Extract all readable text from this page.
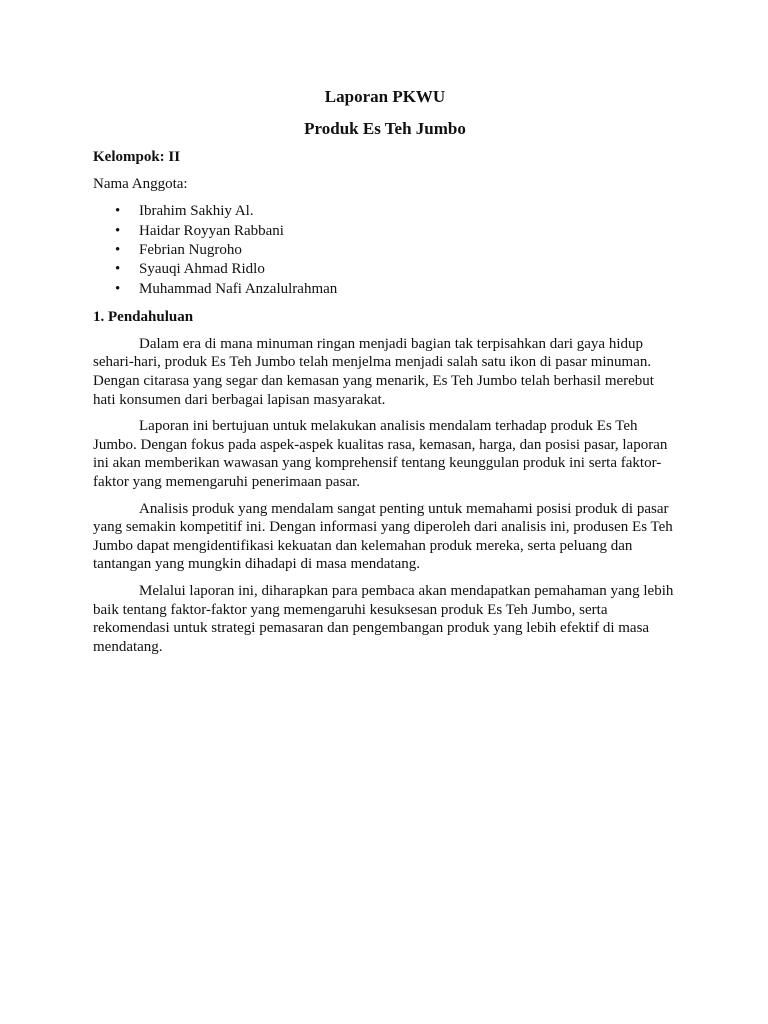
Laporan PKWU

Produk Es Teh Jumbo

Kelompok: II

Nama Anggota:

• Ibrahim Sakhiy Al.
• Haidar Royyan Rabbani
• Febrian Nugroho
• Syauqi Ahmad Ridlo
• Muhammad Nafi Anzalulrahman

1. Pendahuluan

Dalam era di mana minuman ringan menjadi bagian tak terpisahkan dari gaya hidup sehari-hari, produk Es Teh Jumbo telah menjelma menjadi salah satu ikon di pasar minuman. Dengan citarasa yang segar dan kemasan yang menarik, Es Teh Jumbo telah berhasil merebut hati konsumen dari berbagai lapisan masyarakat.

Laporan ini bertujuan untuk melakukan analisis mendalam terhadap produk Es Teh Jumbo. Dengan fokus pada aspek-aspek kualitas rasa, kemasan, harga, dan posisi pasar, laporan ini akan memberikan wawasan yang komprehensif tentang keunggulan produk ini serta faktor-faktor yang memengaruhi penerimaan pasar.

Analisis produk yang mendalam sangat penting untuk memahami posisi produk di pasar yang semakin kompetitif ini. Dengan informasi yang diperoleh dari analisis ini, produsen Es Teh Jumbo dapat mengidentifikasi kekuatan dan kelemahan produk mereka, serta peluang dan tantangan yang mungkin dihadapi di masa mendatang.

Melalui laporan ini, diharapkan para pembaca akan mendapatkan pemahaman yang lebih baik tentang faktor-faktor yang memengaruhi kesuksesan produk Es Teh Jumbo, serta rekomendasi untuk strategi pemasaran dan pengembangan produk yang lebih efektif di masa mendatang.
